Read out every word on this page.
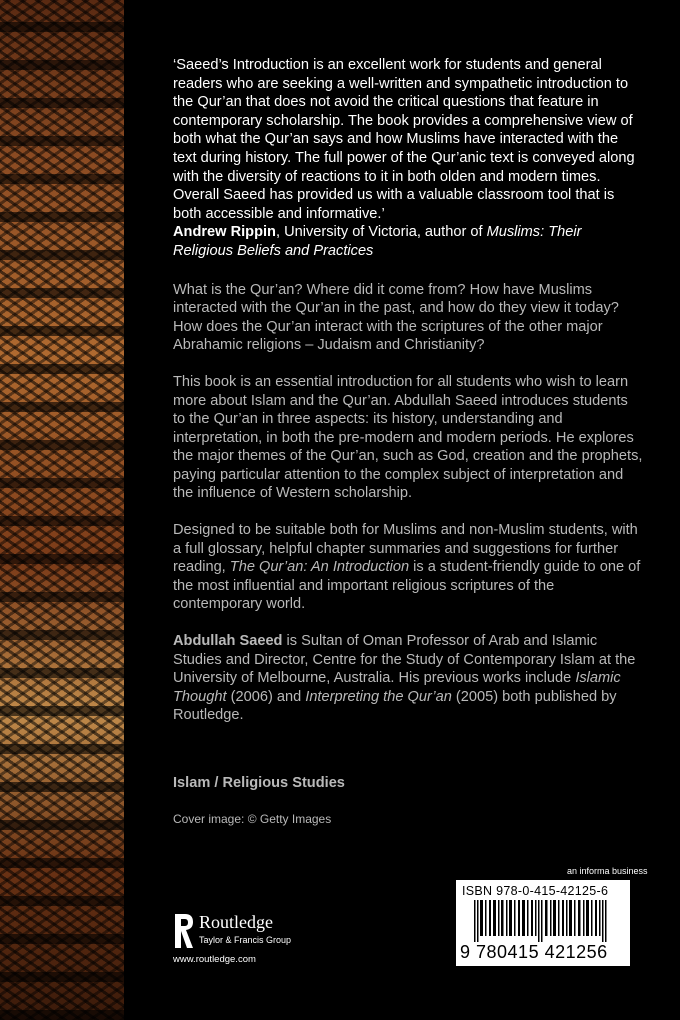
‘Saeed’s Introduction is an excellent work for students and general readers who are seeking a well-written and sympathetic introduction to the Qur’an that does not avoid the critical questions that feature in contemporary scholarship. The book provides a comprehensive view of both what the Qur’an says and how Muslims have interacted with the text during history. The full power of the Qur’anic text is conveyed along with the diversity of reactions to it in both olden and modern times. Overall Saeed has provided us with a valuable classroom tool that is both accessible and informative.’
Andrew Rippin, University of Victoria, author of Muslims: Their Religious Beliefs and Practices

What is the Qur’an? Where did it come from? How have Muslims interacted with the Qur’an in the past, and how do they view it today? How does the Qur’an interact with the scriptures of the other major Abrahamic religions – Judaism and Christianity?

This book is an essential introduction for all students who wish to learn more about Islam and the Qur’an. Abdullah Saeed introduces students to the Qur’an in three aspects: its history, understanding and interpretation, in both the pre-modern and modern periods. He explores the major themes of the Qur’an, such as God, creation and the prophets, paying particular attention to the complex subject of interpretation and the influence of Western scholarship.

Designed to be suitable both for Muslims and non-Muslim students, with a full glossary, helpful chapter summaries and suggestions for further reading, The Qur’an: An Introduction is a student-friendly guide to one of the most influential and important religious scriptures of the contemporary world.

Abdullah Saeed is Sultan of Oman Professor of Arab and Islamic Studies and Director, Centre for the Study of Contemporary Islam at the University of Melbourne, Australia. His previous works include Islamic Thought (2006) and Interpreting the Qur’an (2005) both published by Routledge.

Islam / Religious Studies

Cover image: © Getty Images
Routledge
Taylor & Francis Group
www.routledge.com
an informa business
ISBN 978-0-415-42125-6
9 780415 421256
